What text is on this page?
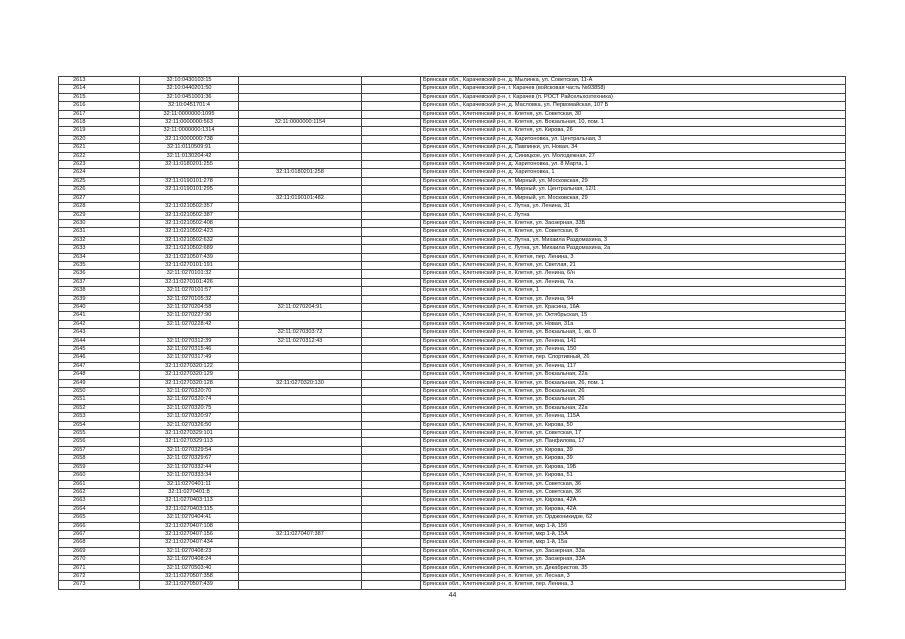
2613	32:10:0430103:15			Брянская обл., Карачевский р-н, д. Мылинка, ул. Советская, 11-А
2614	32:10:0440201:50			Брянская обл., Карачевский р-н, г. Карачев (войсковая часть №93858)
2615	32:10:0451001:36			Брянская обл., Карачевский р-н, г. Карачев (п. РОСТ Райсельхозтехника)
2616	32:10:0451701:4			Брянская обл., Карачевский р-н, д. Масловка, ул. Первомайская, 107 Б
2617	32:11:0000000:1095			Брянская обл., Клетнянский р-н, п. Клетня, ул. Советская, 30
2618	32:11:0000000:563	32:11:0000000:1154		Брянская обл., Клетнянский р-н, п. Клетня, ул. Вокзальная, 10, пом. 1
2619	32:11:0000000:1314			Брянская обл., Клетнянский р-н, п. Клетня, ул. Кирова, 26
2620	32:11:0000000:738			Брянская обл., Клетнянский р-н, д. Харитоновка, ул. Центральная, 3
2621	32:11:0110509:91			Брянская обл., Клетнянский р-н, д. Павлинки, ул. Новая, 34
2622	32:11:0130204:42			Брянская обл., Клетнянский р-н, д. Синицкое, ул. Молодежная, 27
2623	32:11:0180201:255			Брянская обл., Клетнянский р-н, д. Харитоновка, ул. 8 Марта, 1
2624		32:11:0180201:258		Брянская обл., Клетнянский р-н, д. Харитоновка, 1
2625	32:11:0190101:278			Брянская обл., Клетнянский р-н, п. Мирный, ул. Московская, 29
2626	32:11:0190101:295			Брянская обл., Клетнянский р-н, п. Мирный, ул. Центральная, 12/1
2627		32:11:0190101:482		Брянская обл., Клетнянский р-н, п. Мирный, ул. Московская, 29
2628	32:11:0210502:357			Брянская обл., Клетнянский р-н, с. Лутна, ул. Ленина, 31
2629	32:11:0210502:387			Брянская обл., Клетнянский р-н, с. Лутна
2630	32:11:0210502:408			Брянская обл., Клетнянский р-н, п. Клетня, ул. Заозерная, 33Б
2631	32:11:0210502:423			Брянская обл., Клетнянский р-н, п. Клетня, ул. Советская, 8
2632	32:11:0210502:632			Брянская обл., Клетнянский р-н, с. Лутна, ул. Михаила Раздомахина, 3
2633	32:11:0210502:689			Брянская обл., Клетнянский р-н, с. Лутна, ул. Михаила Раздомахина, 2а
2634	32:11:0210507:439			Брянская обл., Клетнянский р-н, п. Клетня, пер. Ленина, 3
2635	32:11:0270101:191			Брянская обл., Клетнянский р-н, п. Клетня, ул. Светлая, 21
2636	32:11:0270101:32			Брянская обл., Клетнянский р-н, п. Клетня, ул. Ленина, 6/н
2637	32:11:0270101:426			Брянская обл., Клетнянский р-н, п. Клетня, ул. Ленина, 7а
2638	32:11:0270101:57			Брянская обл., Клетнянский р-н, п. Клетня, 1
2639	32:11:0270105:32			Брянская обл., Клетнянский р-н, п. Клетня, ул. Ленина, 94
2640	32:11:0270204:58	32:11:0270204:91		Брянская обл., Клетнянский р-н, п. Клетня, ул. Красина, 16А
2641	32:11:0270227:90			Брянская обл., Клетнянский р-н, п. Клетня, ул. Октябрьская, 15
2642	32:11:0270228:42			Брянская обл., Клетнянский р-н, п. Клетня, ул. Новая, 31а
2643		32:11:0270303:72		Брянская обл., Клетнянский р-н, п. Клетня, ул. Вокзальная, 1, кв. 0
2644	32:11:0270312:39	32:11:0270312:43		Брянская обл., Клетнянский р-н, п. Клетня, ул. Ленина, 141
2645	32:11:0270315:46			Брянская обл., Клетнянский р-н, п. Клетня, ул. Ленина, 150
2646	32:11:0270317:49			Брянская обл., Клетнянский р-н, п. Клетня, пер. Спортивный, 26
2647	32:11:0270320:122			Брянская обл., Клетнянский р-н, п. Клетня, ул. Ленина, 117
2648	32:11:0270320:129			Брянская обл., Клетнянский р-н, п. Клетня, ул. Вокзальная, 22а
2649	32:11:0270320:128	32:11:0270320:130		Брянская обл., Клетнянский р-н, п. Клетня, ул. Вокзальная, 26, пом. 1
2650	32:11:0270320:70			Брянская обл., Клетнянский р-н, п. Клетня, ул. Вокзальная, 26
2651	32:11:0270320:74			Брянская обл., Клетнянский р-н, п. Клетня, ул. Вокзальная, 26
2652	32:11:0270320:75			Брянская обл., Клетнянский р-н, п. Клетня, ул. Вокзальная, 22а
2653	32:11:0270320:97			Брянская обл., Клетнянский р-н, п. Клетня, ул. Ленина, 115А
2654	32:11:0270326:50			Брянская обл., Клетнянский р-н, п. Клетня, ул. Кирова, 50
2655	32:11:0270329:101			Брянская обл., Клетнянский р-н, п. Клетня, ул. Советская, 17
2656	32:11:0270329:113			Брянская обл., Клетнянский р-н, п. Клетня, ул. Панфилова, 17
2657	32:11:0270329:54			Брянская обл., Клетнянский р-н, п. Клетня, ул. Кирова, 39
2658	32:11:0270329:67			Брянская обл., Клетнянский р-н, п. Клетня, ул. Кирова, 39
2659	32:11:0270332:44			Брянская обл., Клетнянский р-н, п. Клетня, ул. Кирова, 19Б
2660	32:11:0270333:34			Брянская обл., Клетнянский р-н, п. Клетня, ул. Кирова, 51
2661	32:11:0270401:11			Брянская обл., Клетнянский р-н, п. Клетня, ул. Советская, 36
2662	32:11:0270401:8			Брянская обл., Клетнянский р-н, п. Клетня, ул. Советская, 36
2663	32:11:0270403:113			Брянская обл., Клетнянский р-н, п. Клетня, ул. Кирова, 42А
2664	32:11:0270403:115			Брянская обл., Клетнянский р-н, п. Клетня, ул. Кирова, 42А
2665	32:11:0270404:41			Брянская обл., Клетнянский р-н, п. Клетня, ул. Орджоникидзе, 62
2666	32:11:0270407:108			Брянская обл., Клетнянский р-н, п. Клетня, мкр 1-й, 15б
2667	32:11:0270407:156	32:11:0270407:387		Брянская обл., Клетнянский р-н, п. Клетня, мкр 1-й, 15А
2668	32:11:0270407:434			Брянская обл., Клетнянский р-н, п. Клетня, мкр 1-й, 15а
2669	32:11:0270408:23			Брянская обл., Клетнянский р-н, п. Клетня, ул. Заозерная, 33а
2670	32:11:0270408:24			Брянская обл., Клетнянский р-н, п. Клетня, ул. Заозерная, 33А
2671	32:11:0270503:40			Брянская обл., Клетнянский р-н, п. Клетня, ул. Декабристов, 35
2672	32:11:0270507:358			Брянская обл., Клетнянский р-н, п. Клетня, ул. Лесная, 3
2673	32:11:0270507:439			Брянская обл., Клетнянский р-н, п. Клетня, пер. Ленина, 3
44
